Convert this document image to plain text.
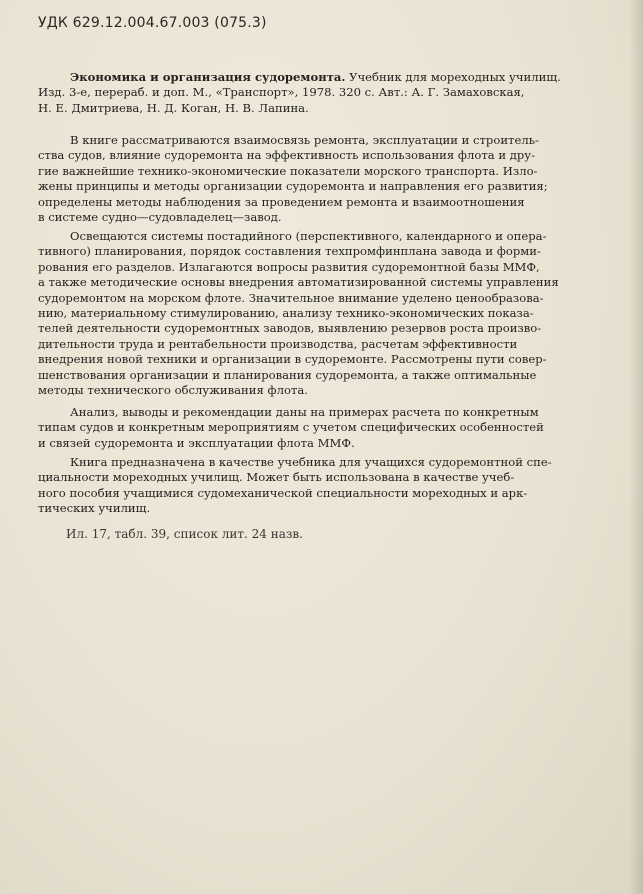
УДК 629.12.004.67.003 (075.3)
Экономика и организация судоремонта. Учебник для мореходных училищ.
Изд. 3-е, перераб. и доп. М., «Транспорт», 1978. 320 с. Авт.: А. Г. Замаховская,
Н. Е. Дмитриева, Н. Д. Коган, Н. В. Лапина.
В книге рассматриваются взаимосвязь ремонта, эксплуатации и строитель-
ства судов, влияние судоремонта на эффективность использования флота и дру-
гие важнейшие технико-экономические показатели морского транспорта. Изло-
жены принципы и методы организации судоремонта и направления его развития;
определены методы наблюдения за проведением ремонта и взаимоотношения
в системе судно—судовладелец—завод.
Освещаются системы постадийного (перспективного, календарного и опера-
тивного) планирования, порядок составления техпромфинплана завода и форми-
рования его разделов. Излагаются вопросы развития судоремонтной базы ММФ,
а также методические основы внедрения автоматизированной системы управления
судоремонтом на морском флоте. Значительное внимание уделено ценообразова-
нию, материальному стимулированию, анализу технико-экономических показа-
телей деятельности судоремонтных заводов, выявлению резервов роста произво-
дительности труда и рентабельности производства, расчетам эффективности
внедрения новой техники и организации в судоремонте. Рассмотрены пути совер-
шенствования организации и планирования судоремонта, а также оптимальные
методы технического обслуживания флота.
Анализ, выводы и рекомендации даны на примерах расчета по конкретным
типам судов и конкретным мероприятиям с учетом специфических особенностей
и связей судоремонта и эксплуатации флота ММФ.
Книга предназначена в качестве учебника для учащихся судоремонтной спе-
циальности мореходных училищ. Может быть использована в качестве учеб-
ного пособия учащимися судомеханической специальности мореходных и арк-
тических училищ.
Ил. 17, табл. 39, список лит. 24 назв.
